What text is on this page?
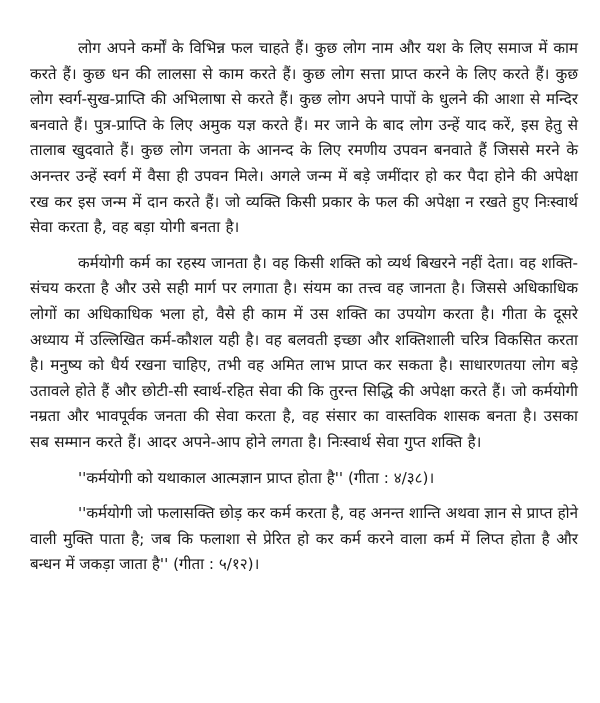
लोग अपने कर्मों के विभिन्न फल चाहते हैं। कुछ लोग नाम और यश के लिए समाज में काम करते हैं। कुछ धन की लालसा से काम करते हैं। कुछ लोग सत्ता प्राप्त करने के लिए करते हैं। कुछ लोग स्वर्ग-सुख-प्राप्ति की अभिलाषा से करते हैं। कुछ लोग अपने पापों के धुलने की आशा से मन्दिर बनवाते हैं। पुत्र-प्राप्ति के लिए अमुक यज्ञ करते हैं। मर जाने के बाद लोग उन्हें याद करें, इस हेतु से तालाब खुदवाते हैं। कुछ लोग जनता के आनन्द के लिए रमणीय उपवन बनवाते हैं जिससे मरने के अनन्तर उन्हें स्वर्ग में वैसा ही उपवन मिले। अगले जन्म में बड़े जमींदार हो कर पैदा होने की अपेक्षा रख कर इस जन्म में दान करते हैं। जो व्यक्ति किसी प्रकार के फल की अपेक्षा न रखते हुए निःस्वार्थ सेवा करता है, वह बड़ा योगी बनता है।

कर्मयोगी कर्म का रहस्य जानता है। वह किसी शक्ति को व्यर्थ बिखरने नहीं देता। वह शक्ति-संचय करता है और उसे सही मार्ग पर लगाता है। संयम का तत्त्व वह जानता है। जिससे अधिकाधिक लोगों का अधिकाधिक भला हो, वैसे ही काम में उस शक्ति का उपयोग करता है। गीता के दूसरे अध्याय में उल्लिखित कर्म-कौशल यही है। वह बलवती इच्छा और शक्तिशाली चरित्र विकसित करता है। मनुष्य को धैर्य रखना चाहिए, तभी वह अमित लाभ प्राप्त कर सकता है। साधारणतया लोग बड़े उतावले होते हैं और छोटी-सी स्वार्थ-रहित सेवा की कि तुरन्त सिद्धि की अपेक्षा करते हैं। जो कर्मयोगी नम्रता और भावपूर्वक जनता की सेवा करता है, वह संसार का वास्तविक शासक बनता है। उसका सब सम्मान करते हैं। आदर अपने-आप होने लगता है। निःस्वार्थ सेवा गुप्त शक्ति है।

''कर्मयोगी को यथाकाल आत्मज्ञान प्राप्त होता है'' (गीता : ४/३८)।

''कर्मयोगी जो फलासक्ति छोड़ कर कर्म करता है, वह अनन्त शान्ति अथवा ज्ञान से प्राप्त होने वाली मुक्ति पाता है; जब कि फलाशा से प्रेरित हो कर कर्म करने वाला कर्म में लिप्त होता है और बन्धन में जकड़ा जाता है'' (गीता : ५/१२)।
